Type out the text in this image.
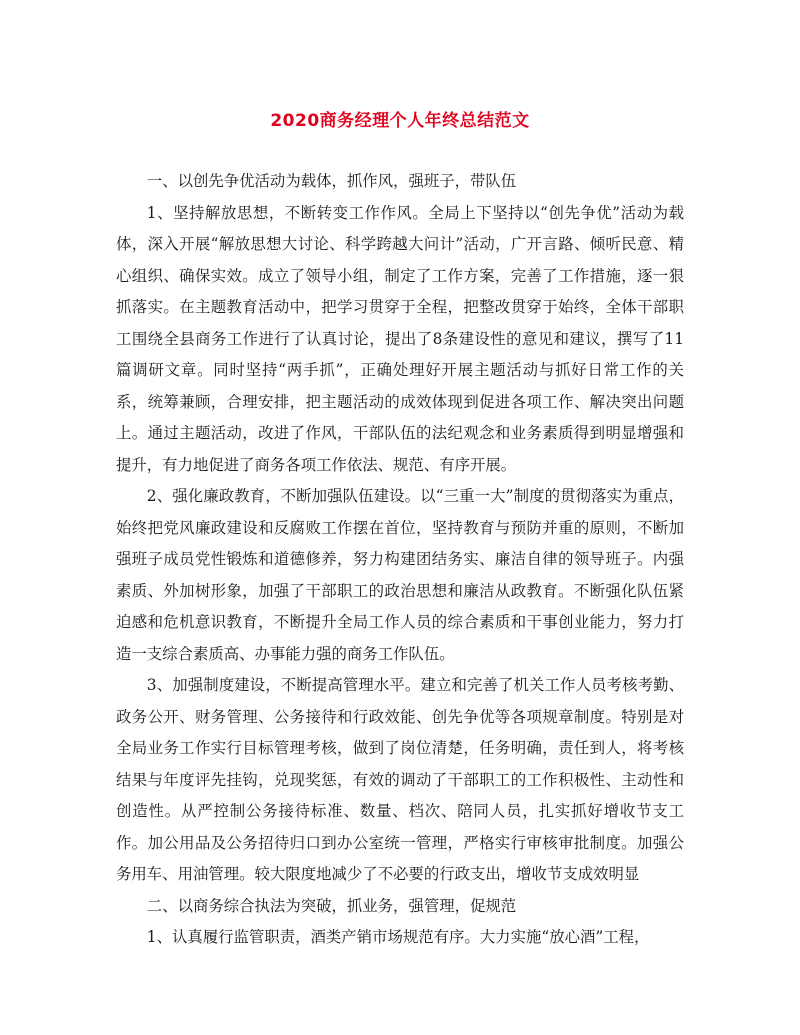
2020商务经理个人年终总结范文

一、以创先争优活动为载体，抓作风，强班子，带队伍

1、坚持解放思想，不断转变工作作风。全局上下坚持以“创先争优”活动为载体，深入开展“解放思想大讨论、科学跨越大问计”活动，广开言路、倾听民意、精心组织、确保实效。成立了领导小组，制定了工作方案，完善了工作措施，逐一狠抓落实。在主题教育活动中，把学习贯穿于全程，把整改贯穿于始终，全体干部职工围绕全县商务工作进行了认真讨论，提出了8条建设性的意见和建议，撰写了11篇调研文章。同时坚持“两手抓”，正确处理好开展主题活动与抓好日常工作的关系，统筹兼顾，合理安排，把主题活动的成效体现到促进各项工作、解决突出问题上。通过主题活动，改进了作风，干部队伍的法纪观念和业务素质得到明显增强和提升，有力地促进了商务各项工作依法、规范、有序开展。

2、强化廉政教育，不断加强队伍建设。以“三重一大”制度的贯彻落实为重点，始终把党风廉政建设和反腐败工作摆在首位，坚持教育与预防并重的原则，不断加强班子成员党性锻炼和道德修养，努力构建团结务实、廉洁自律的领导班子。内强素质、外加树形象，加强了干部职工的政治思想和廉洁从政教育。不断强化队伍紧迫感和危机意识教育，不断提升全局工作人员的综合素质和干事创业能力，努力打造一支综合素质高、办事能力强的商务工作队伍。

3、加强制度建设，不断提高管理水平。建立和完善了机关工作人员考核考勤、政务公开、财务管理、公务接待和行政效能、创先争优等各项规章制度。特别是对全局业务工作实行目标管理考核，做到了岗位清楚，任务明确，责任到人，将考核结果与年度评先挂钩，兑现奖惩，有效的调动了干部职工的工作积极性、主动性和创造性。从严控制公务接待标准、数量、档次、陪同人员，扎实抓好增收节支工作。加公用品及公务招待归口到办公室统一管理，严格实行审核审批制度。加强公务用车、用油管理。较大限度地减少了不必要的行政支出，增收节支成效明显

二、以商务综合执法为突破，抓业务，强管理，促规范

1、认真履行监管职责，酒类产销市场规范有序。大力实施“放心酒”工程，
